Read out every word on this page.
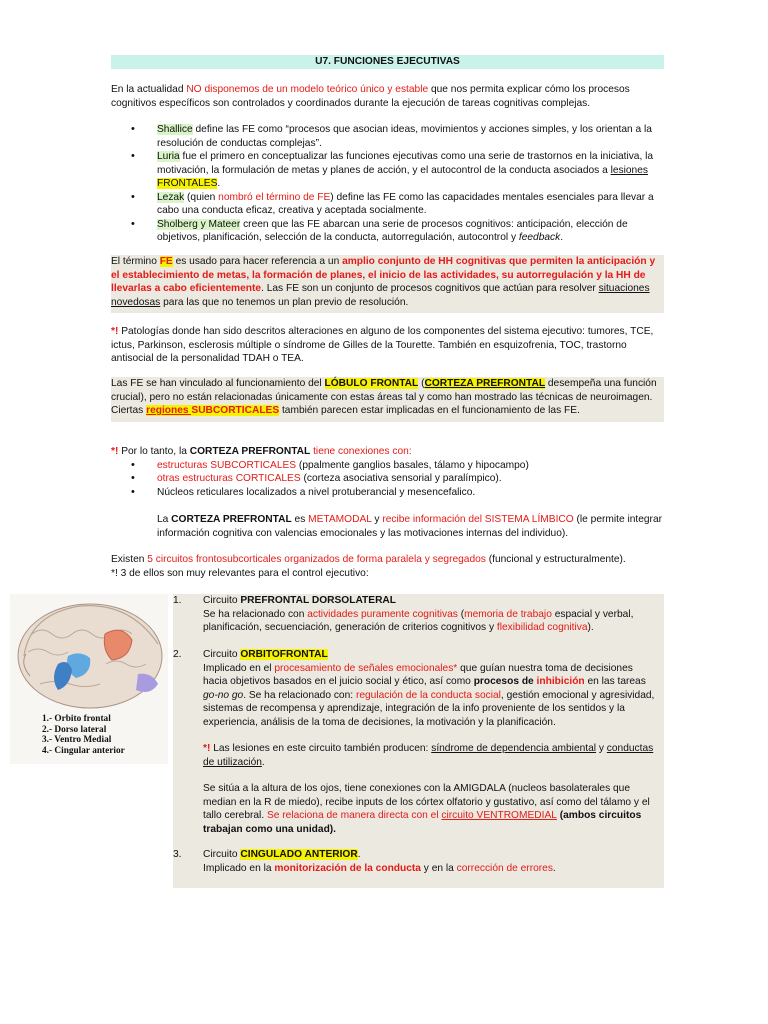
U7. FUNCIONES EJECUTIVAS
En la actualidad NO disponemos de un modelo teórico único y estable que nos permita explicar cómo los procesos cognitivos específicos son controlados y coordinados durante la ejecución de tareas cognitivas complejas.
• Shallice define las FE como “procesos que asocian ideas, movimientos y acciones simples, y los orientan a la resolución de conductas complejas”.
• Luria fue el primero en conceptualizar las funciones ejecutivas como una serie de trastornos en la iniciativa, la motivación, la formulación de metas y planes de acción, y el autocontrol de la conducta asociados a lesiones FRONTALES.
• Lezak (quien nombró el término de FE) define las FE como las capacidades mentales esenciales para llevar a cabo una conducta eficaz, creativa y aceptada socialmente.
• Sholberg y Mateer creen que las FE abarcan una serie de procesos cognitivos: anticipación, elección de objetivos, planificación, selección de la conducta, autorregulación, autocontrol y feedback.
El término FE es usado para hacer referencia a un amplio conjunto de HH cognitivas que permiten la anticipación y el establecimiento de metas, la formación de planes, el inicio de las actividades, su autorregulación y la HH de llevarlas a cabo eficientemente. Las FE son un conjunto de procesos cognitivos que actúan para resolver situaciones novedosas para las que no tenemos un plan previo de resolución.
*! Patologías donde han sido descritos alteraciones en alguno de los componentes del sistema ejecutivo: tumores, TCE, ictus, Parkinson, esclerosis múltiple o síndrome de Gilles de la Tourette. También en esquizofrenia, TOC, trastorno antisocial de la personalidad TDAH o TEA.
Las FE se han vinculado al funcionamiento del LÓBULO FRONTAL (CORTEZA PREFRONTAL desempeña una función crucial), pero no están relacionadas únicamente con estas áreas tal y como han mostrado las técnicas de neuroimagen. Ciertas regiones SUBCORTICALES también parecen estar implicadas en el funcionamiento de las FE.
*! Por lo tanto, la CORTEZA PREFRONTAL tiene conexiones con:
• estructuras SUBCORTICALES (ppalmente ganglios basales, tálamo y hipocampo)
• otras estructuras CORTICALES (corteza asociativa sensorial y paralímpico).
• Núcleos reticulares localizados a nivel protuberancial y mesencefalico.
La CORTEZA PREFRONTAL es METAMODAL y recibe información del SISTEMA LÍMBICO (le permite integrar información cognitiva con valencias emocionales y las motivaciones internas del individuo).
Existen 5 circuitos frontosubcorticales organizados de forma paralela y segregados (funcional y estructuralmente).
*! 3 de ellos son muy relevantes para el control ejecutivo:
1.- Orbito frontal
2.- Dorso lateral
3.- Ventro Medial
4.- Cingular anterior
1.	Circuito PREFRONTAL DORSOLATERAL
Se ha relacionado con actividades puramente cognitivas (memoria de trabajo espacial y verbal, planificación, secuenciación, generación de criterios cognitivos y flexibilidad cognitiva).
2.	Circuito ORBITOFRONTAL
Implicado en el procesamiento de señales emocionales* que guían nuestra toma de decisiones hacia objetivos basados en el juicio social y ético, así como procesos de inhibición en las tareas go-no go. Se ha relacionado con: regulación de la conducta social, gestión emocional y agresividad, sistemas de recompensa y aprendizaje, integración de la info proveniente de los sentidos y la experiencia, análisis de la toma de decisiones, la motivación y la planificación.
*! Las lesiones en este circuito también producen: síndrome de dependencia ambiental y conductas de utilización.
Se sitúa a la altura de los ojos, tiene conexiones con la AMIGDALA (nucleos basolaterales que median en la R de miedo), recibe inputs de los córtex olfatorio y gustativo, así como del tálamo y el tallo cerebral. Se relaciona de manera directa con el circuito VENTROMEDIAL (ambos circuitos trabajan como una unidad).
3.	Circuito CINGULADO ANTERIOR.
Implicado en la monitorización de la conducta y en la corrección de errores.
